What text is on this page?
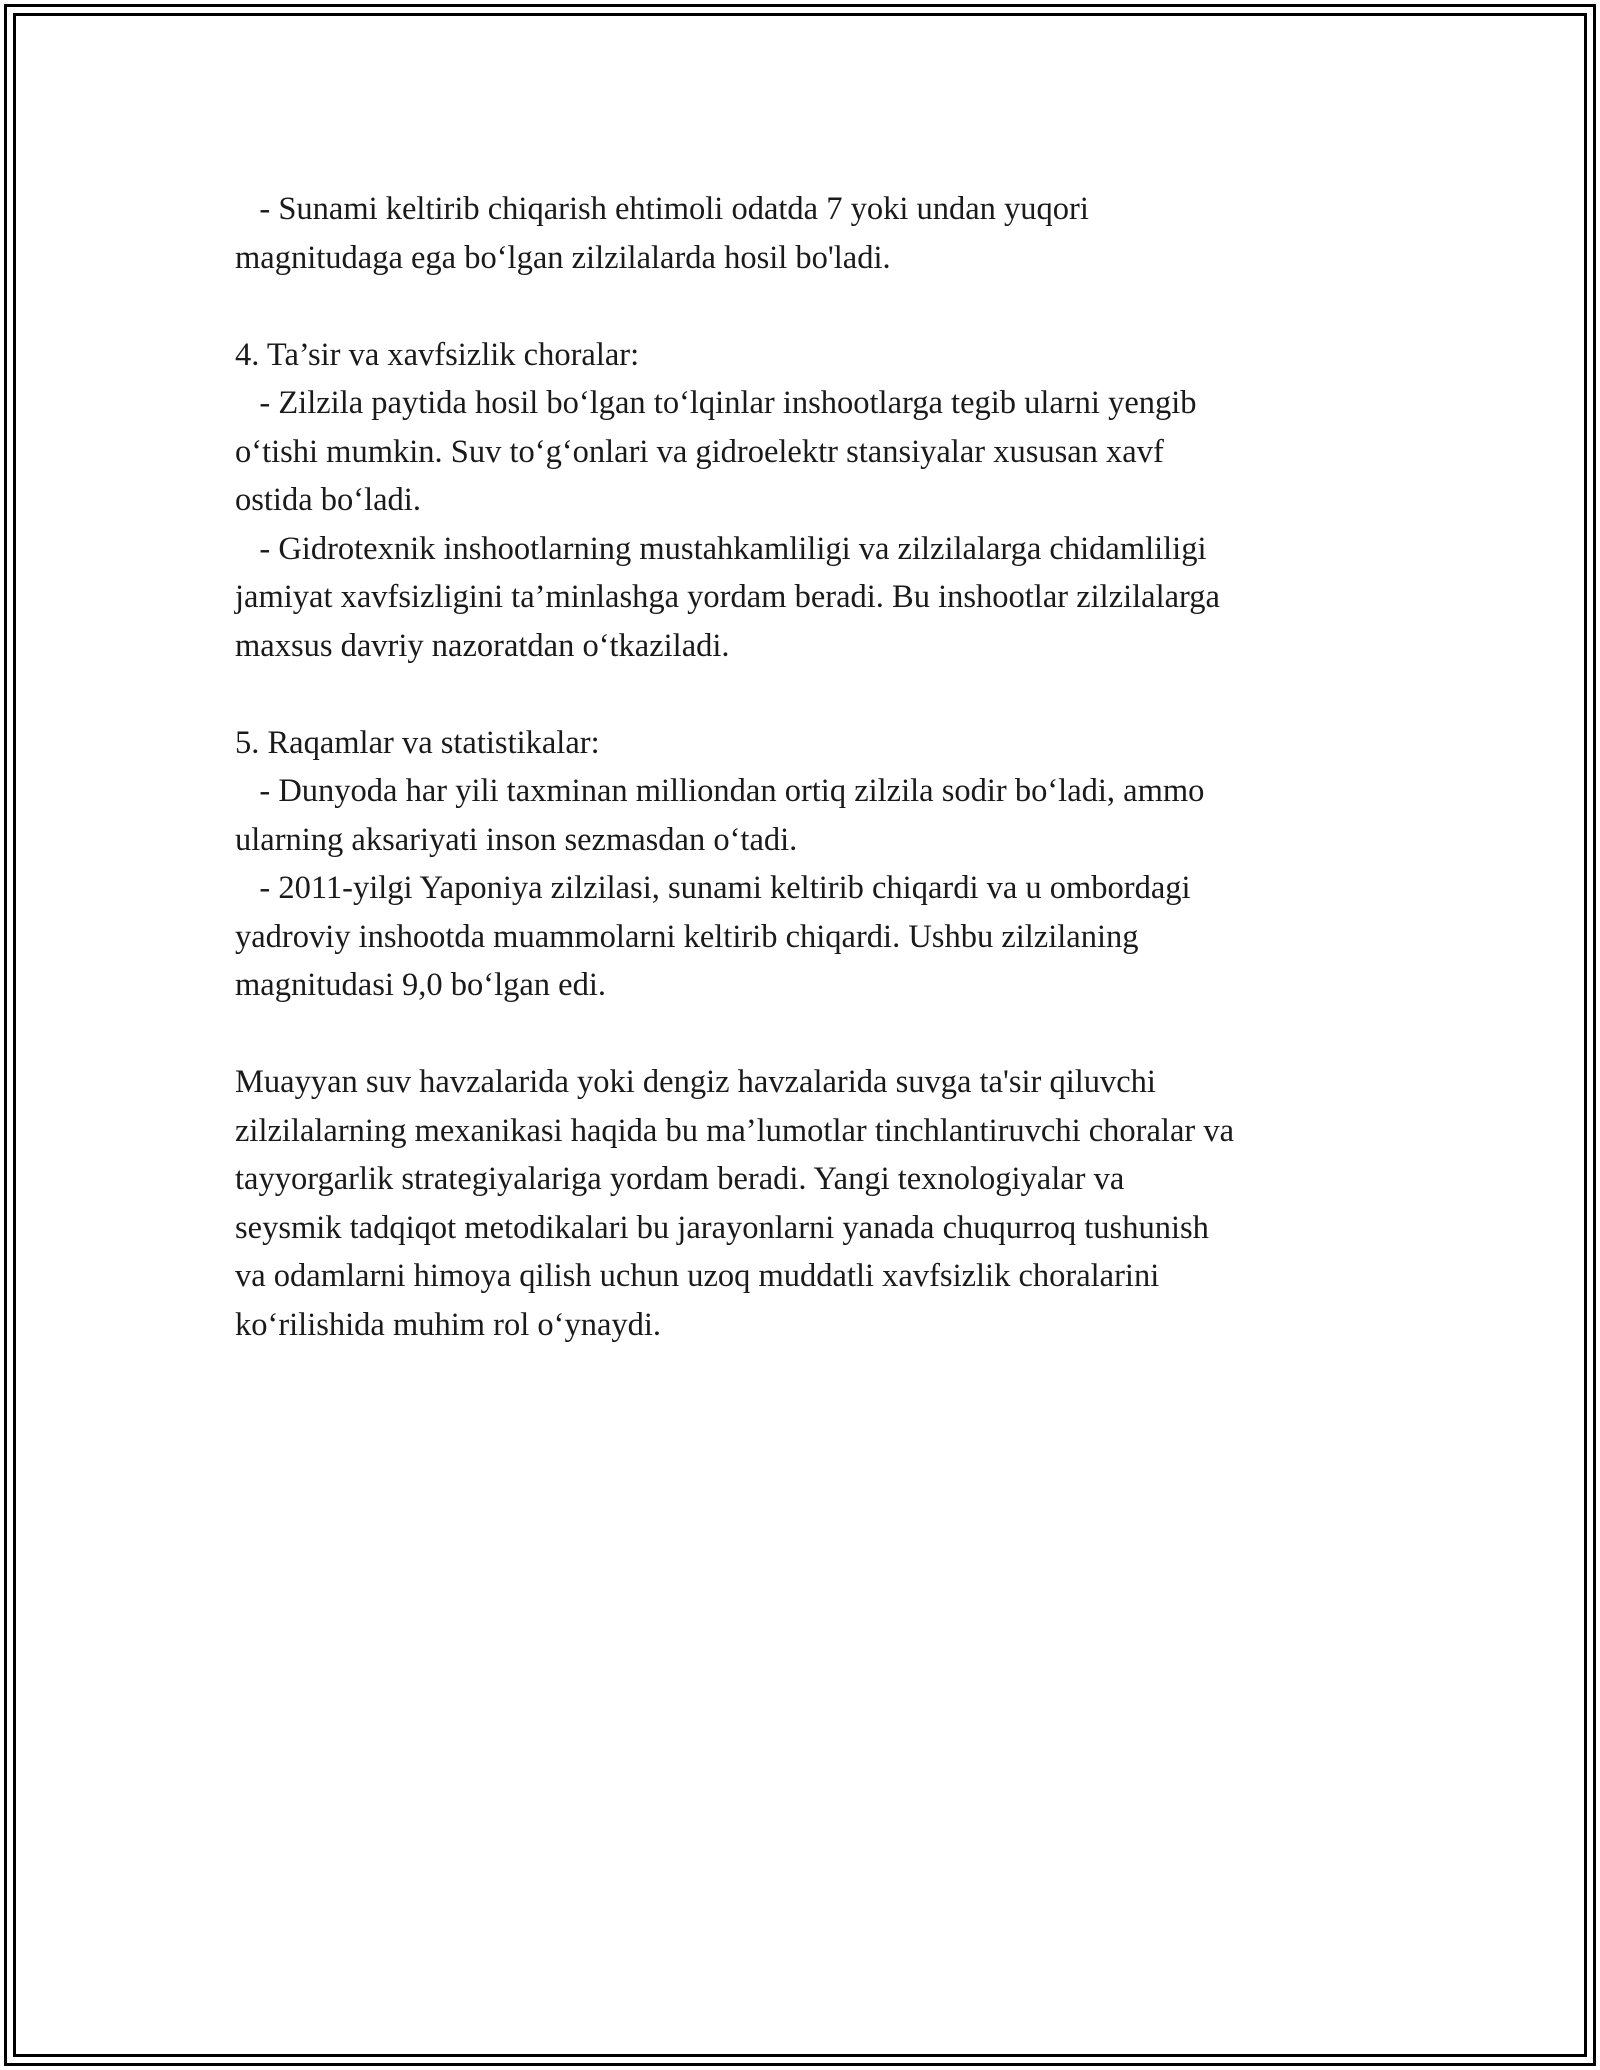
- Sunami keltirib chiqarish ehtimoli odatda 7 yoki undan yuqori
magnitudaga ega bo‘lgan zilzilalarda hosil bo'ladi.
4. Ta’sir va xavfsizlik choralar:
- Zilzila paytida hosil bo‘lgan to‘lqinlar inshootlarga tegib ularni yengib
o‘tishi mumkin. Suv to‘g‘onlari va gidroelektr stansiyalar xususan xavf
ostida bo‘ladi.
- Gidrotexnik inshootlarning mustahkamliligi va zilzilalarga chidamliligi
jamiyat xavfsizligini ta’minlashga yordam beradi. Bu inshootlar zilzilalarga
maxsus davriy nazoratdan o‘tkaziladi.
5. Raqamlar va statistikalar:
- Dunyoda har yili taxminan milliondan ortiq zilzila sodir bo‘ladi, ammo
ularning aksariyati inson sezmasdan o‘tadi.
- 2011-yilgi Yaponiya zilzilasi, sunami keltirib chiqardi va u ombordagi
yadroviy inshootda muammolarni keltirib chiqardi. Ushbu zilzilaning
magnitudasi 9,0 bo‘lgan edi.
Muayyan suv havzalarida yoki dengiz havzalarida suvga ta'sir qiluvchi
zilzilalarning mexanikasi haqida bu ma’lumotlar tinchlantiruvchi choralar va
tayyorgarlik strategiyalariga yordam beradi. Yangi texnologiyalar va
seysmik tadqiqot metodikalari bu jarayonlarni yanada chuqurroq tushunish
va odamlarni himoya qilish uchun uzoq muddatli xavfsizlik choralarini
ko‘rilishida muhim rol o‘ynaydi.
